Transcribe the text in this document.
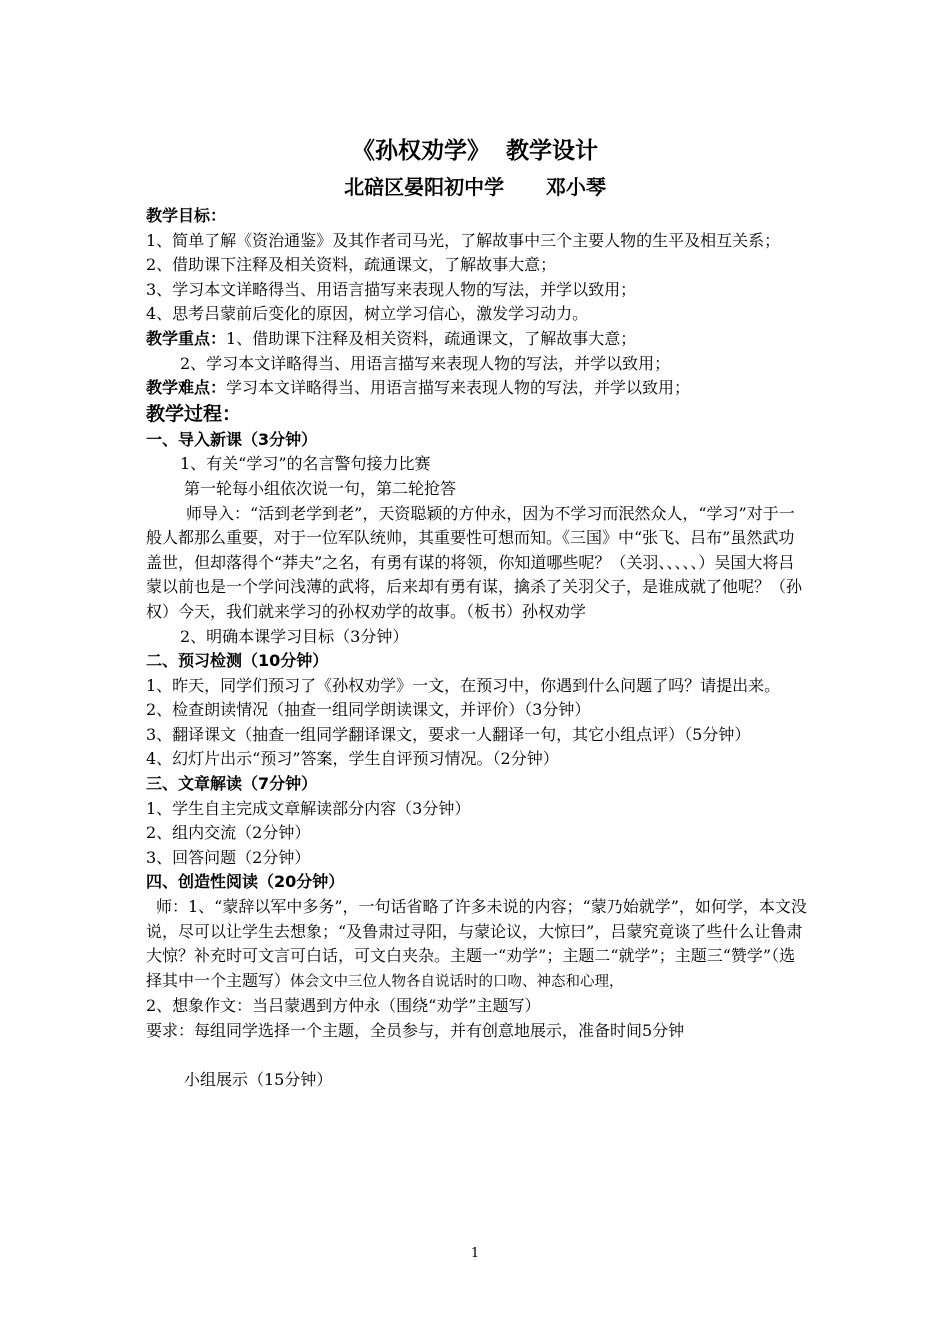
《孙权劝学》  教学设计
北碚区晏阳初中学      邓小琴

教学目标：

1、简单了解《资治通鉴》及其作者司马光，了解故事中三个主要人物的生平及相互关系；

2、借助课下注释及相关资料，疏通课文，了解故事大意；

3、学习本文详略得当、用语言描写来表现人物的写法，并学以致用；

4、思考吕蒙前后变化的原因，树立学习信心，激发学习动力。

教学重点：1、借助课下注释及相关资料，疏通课文，了解故事大意；

2、学习本文详略得当、用语言描写来表现人物的写法，并学以致用；

教学难点：学习本文详略得当、用语言描写来表现人物的写法，并学以致用；

教学过程：

一、导入新课（3分钟）

1、有关“学习”的名言警句接力比赛

第一轮每小组依次说一句，第二轮抢答

师导入：“活到老学到老”，天资聪颖的方仲永，因为不学习而泯然众人，“学习”对于一般人都那么重要，对于一位军队统帅，其重要性可想而知。《三国》中“张飞、吕布”虽然武功盖世，但却落得个“莽夫”之名，有勇有谋的将领，你知道哪些呢？（关羽、、、、、）吴国大将吕蒙以前也是一个学问浅薄的武将，后来却有勇有谋，擒杀了关羽父子，是谁成就了他呢？（孙权）今天，我们就来学习的孙权劝学的故事。（板书）孙权劝学

2、明确本课学习目标（3分钟）

二、预习检测（10分钟）

1、昨天，同学们预习了《孙权劝学》一文，在预习中，你遇到什么问题了吗？请提出来。

2、检查朗读情况（抽查一组同学朗读课文，并评价）（3分钟）

3、翻译课文（抽查一组同学翻译课文，要求一人翻译一句，其它小组点评）（5分钟）

4、幻灯片出示“预习”答案，学生自评预习情况。（2分钟）

三、文章解读（7分钟）

1、学生自主完成文章解读部分内容（3分钟）

2、组内交流（2分钟）

3、回答问题（2分钟）

四、创造性阅读（20分钟）

师：1、“蒙辞以军中多务”，一句话省略了许多未说的内容；“蒙乃始就学”，如何学，本文没说，尽可以让学生去想象；“及鲁肃过寻阳，与蒙论议，大惊曰”，吕蒙究竟谈了些什么让鲁肃大惊？补充时可文言可白话，可文白夹杂。主题一“劝学”；主题二“就学”；主题三“赞学”（选择其中一个主题写）体会文中三位人物各自说话时的口吻、神态和心理，

2、想象作文：当吕蒙遇到方仲永（围绕“劝学”主题写）

要求：每组同学选择一个主题，全员参与，并有创意地展示，准备时间5分钟

小组展示（15分钟）

1
